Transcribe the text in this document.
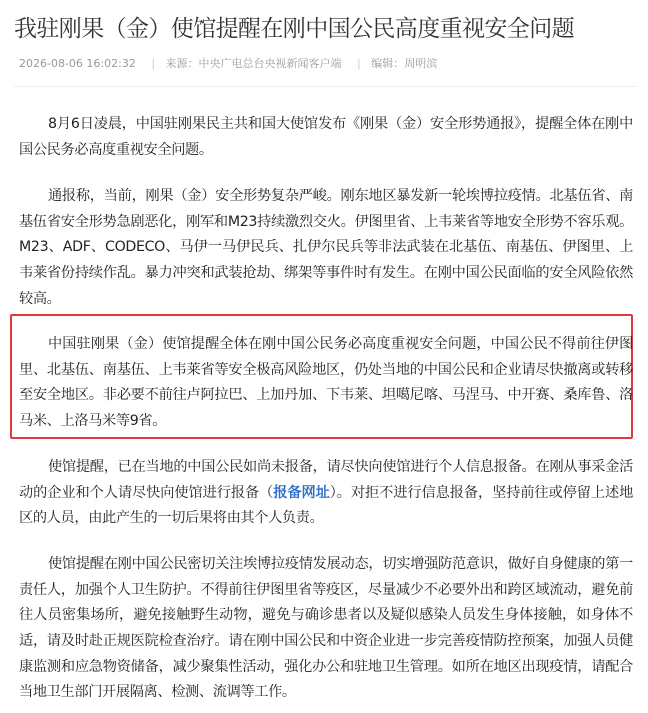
我驻刚果（金）使馆提醒在刚中国公民高度重视安全问题
2026-08-06 16:02:32 | 来源：中央广电总台央视新闻客户端 | 编辑：周明滨

8月6日凌晨，中国驻刚果民主共和国大使馆发布《刚果（金）安全形势通报》，提醒全体在刚中国公民务必高度重视安全问题。

通报称，当前，刚果（金）安全形势复杂严峻。刚东地区暴发新一轮埃博拉疫情。北基伍省、南基伍省安全形势急剧恶化，刚军和M23持续激烈交火。伊图里省、上韦莱省等地安全形势不容乐观。M23、ADF、CODECO、马伊一马伊民兵、扎伊尔民兵等非法武装在北基伍、南基伍、伊图里、上韦莱省份持续作乱。暴力冲突和武装抢劫、绑架等事件时有发生。在刚中国公民面临的安全风险依然较高。

中国驻刚果（金）使馆提醒全体在刚中国公民务必高度重视安全问题，中国公民不得前往伊图里、北基伍、南基伍、上韦莱省等安全极高风险地区，仍处当地的中国公民和企业请尽快撤离或转移至安全地区。非必要不前往卢阿拉巴、上加丹加、下韦莱、坦噶尼喀、马涅马、中开赛、桑库鲁、洛马米、上洛马米等9省。

使馆提醒，已在当地的中国公民如尚未报备，请尽快向使馆进行个人信息报备。在刚从事采金活动的企业和个人请尽快向使馆进行报备（报备网址）。对拒不进行信息报备，坚持前往或停留上述地区的人员，由此产生的一切后果将由其个人负责。

使馆提醒在刚中国公民密切关注埃博拉疫情发展动态，切实增强防范意识，做好自身健康的第一责任人，加强个人卫生防护。不得前往伊图里省等疫区，尽量减少不必要外出和跨区域流动，避免前往人员密集场所，避免接触野生动物，避免与确诊患者以及疑似感染人员发生身体接触，如身体不适，请及时赴正规医院检查治疗。请在刚中国公民和中资企业进一步完善疫情防控预案，加强人员健康监测和应急物资储备，减少聚集性活动，强化办公和驻地卫生管理。如所在地区出现疫情，请配合当地卫生部门开展隔离、检测、流调等工作。
